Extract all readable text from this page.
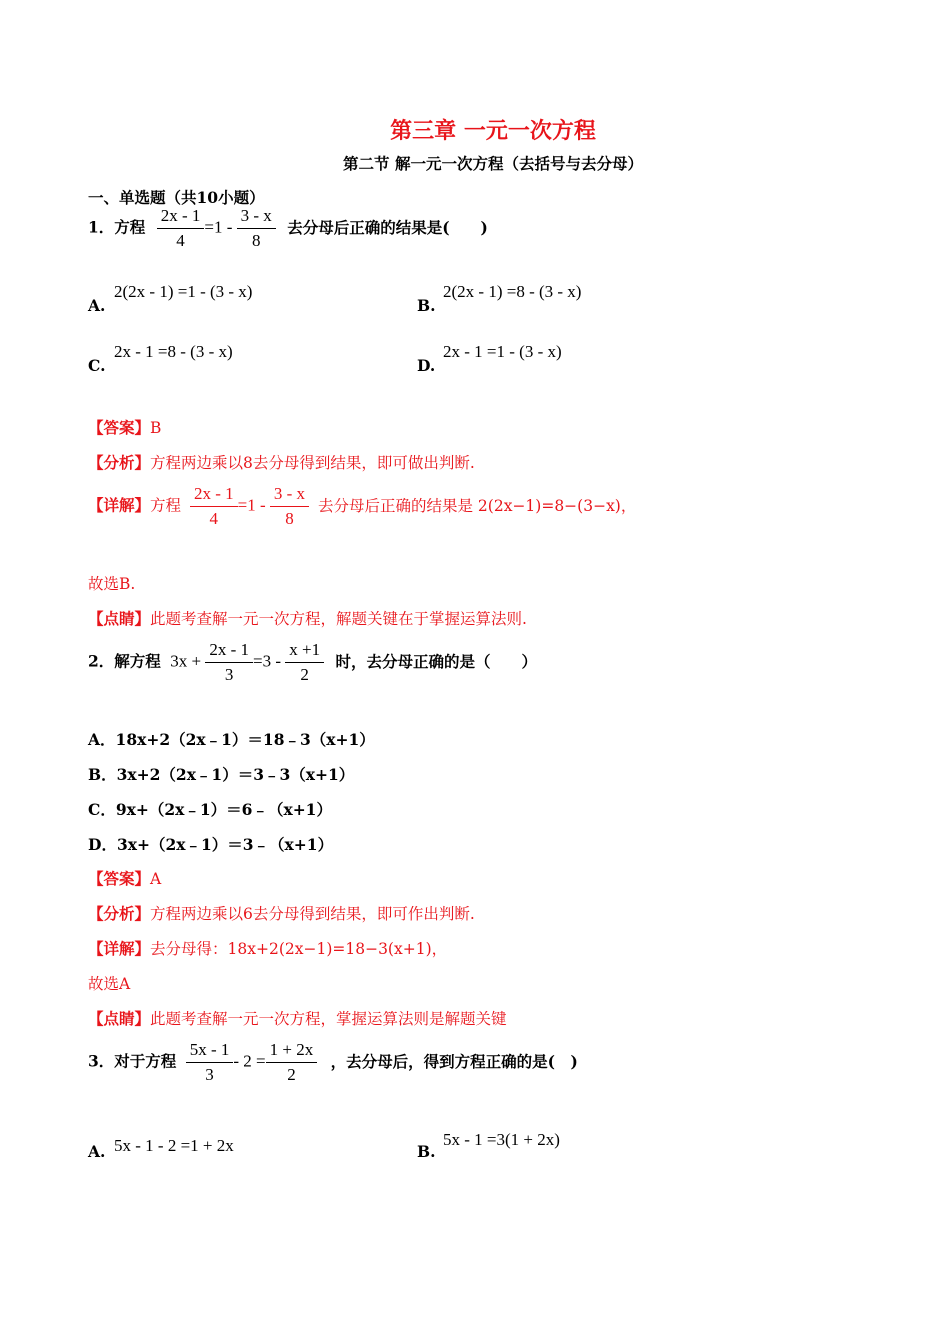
第三章 一元一次方程
第二节 解一元一次方程（去括号与去分母）
一、单选题（共10小题）
1．方程 $\frac{2x - 1}{4} =1 - \frac{3 - x}{8}$ 去分母后正确的结果是(　　)
A.2(2x - 1) =1 - (3 - x)
B.2(2x - 1) =8 - (3 - x)
C.2x - 1 =8 - (3 - x)
D.2x - 1 =1 - (3 - x)
【答案】B
【分析】方程两边乘以8去分母得到结果，即可做出判断.
【详解】方程 $\frac{2x - 1}{4} =1 - \frac{3 - x}{8}$ 去分母后正确的结果是 2(2x−1)=8−(3−x)，
故选B.
【点睛】此题考查解一元一次方程，解题关键在于掌握运算法则.
2．解方程 $3x + \frac{2x - 1}{3} =3 - \frac{x +1}{2}$ 时，去分母正确的是（　　）
A．18x+2（2x﹣1）＝18﹣3（x+1）
B．3x+2（2x﹣1）＝3﹣3（x+1）
C．9x+（2x﹣1）＝6﹣（x+1）
D．3x+（2x﹣1）＝3﹣（x+1）
【答案】A
【分析】方程两边乘以6去分母得到结果，即可作出判断.
【详解】去分母得：18x+2(2x−1)=18−3(x+1)，
故选A
【点睛】此题考查解一元一次方程，掌握运算法则是解题关键
3．对于方程 $\frac{5x - 1}{3} - 2 = \frac{1 + 2x}{2}$ ，去分母后，得到方程正确的是(　)
A. 5x - 1 - 2 =1 + 2x	B.5x - 1 =3(1 + 2x)
